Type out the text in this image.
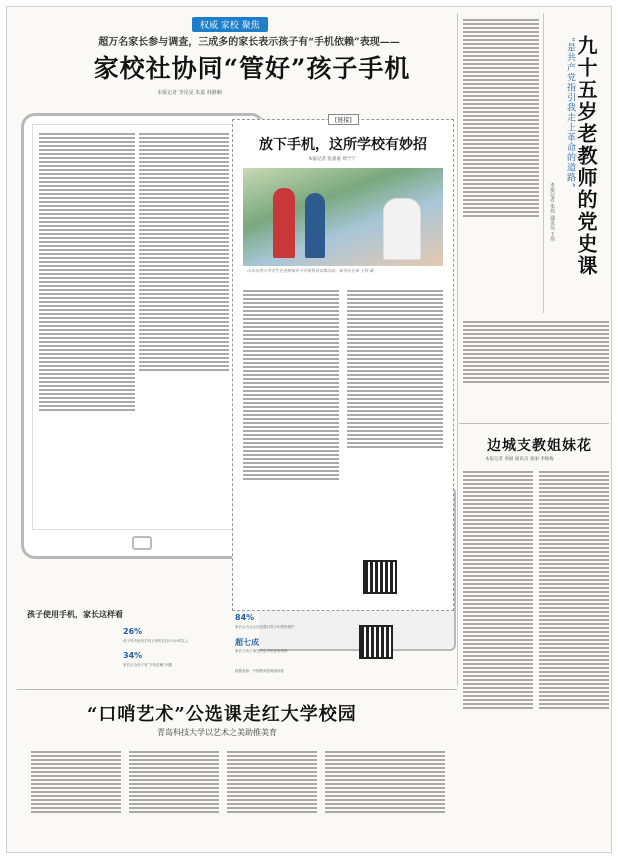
权威 家校 聚焦
超万名家长参与调查，三成多的家长表示孩子有“手机依赖”表现——
家校社协同“管好”孩子手机
本报记者 李见见 朱嘉 林静娴
[链接]
放下手机，这所学校有妙招
本报记者 张嘉嘉 周宁宁
山东东营小学学生在老师指导下开展科技实践活动。新华社记者 王科 摄
孩子使用手机，家长这样看
26%
孩子每天使用手机上网时长在0.5小时以上
34%
家长认为孩子有“手机依赖”问题
84%
家长认为社会应加强对青少年网络保护
超七成
家长与孩子事先约定手机使用规则
数据来源：中国教育报调查问卷
“口哨艺术”公选课走红大学校园
青岛科技大学以艺术之美助推美育
“是共产党指引我走上革命的道路” 九十五岁老教师的党史课
本报记者 朱伟 通讯员 王伟
边城支教姐妹花
本报记者 周丽 通讯员 张丽 李梅梅
